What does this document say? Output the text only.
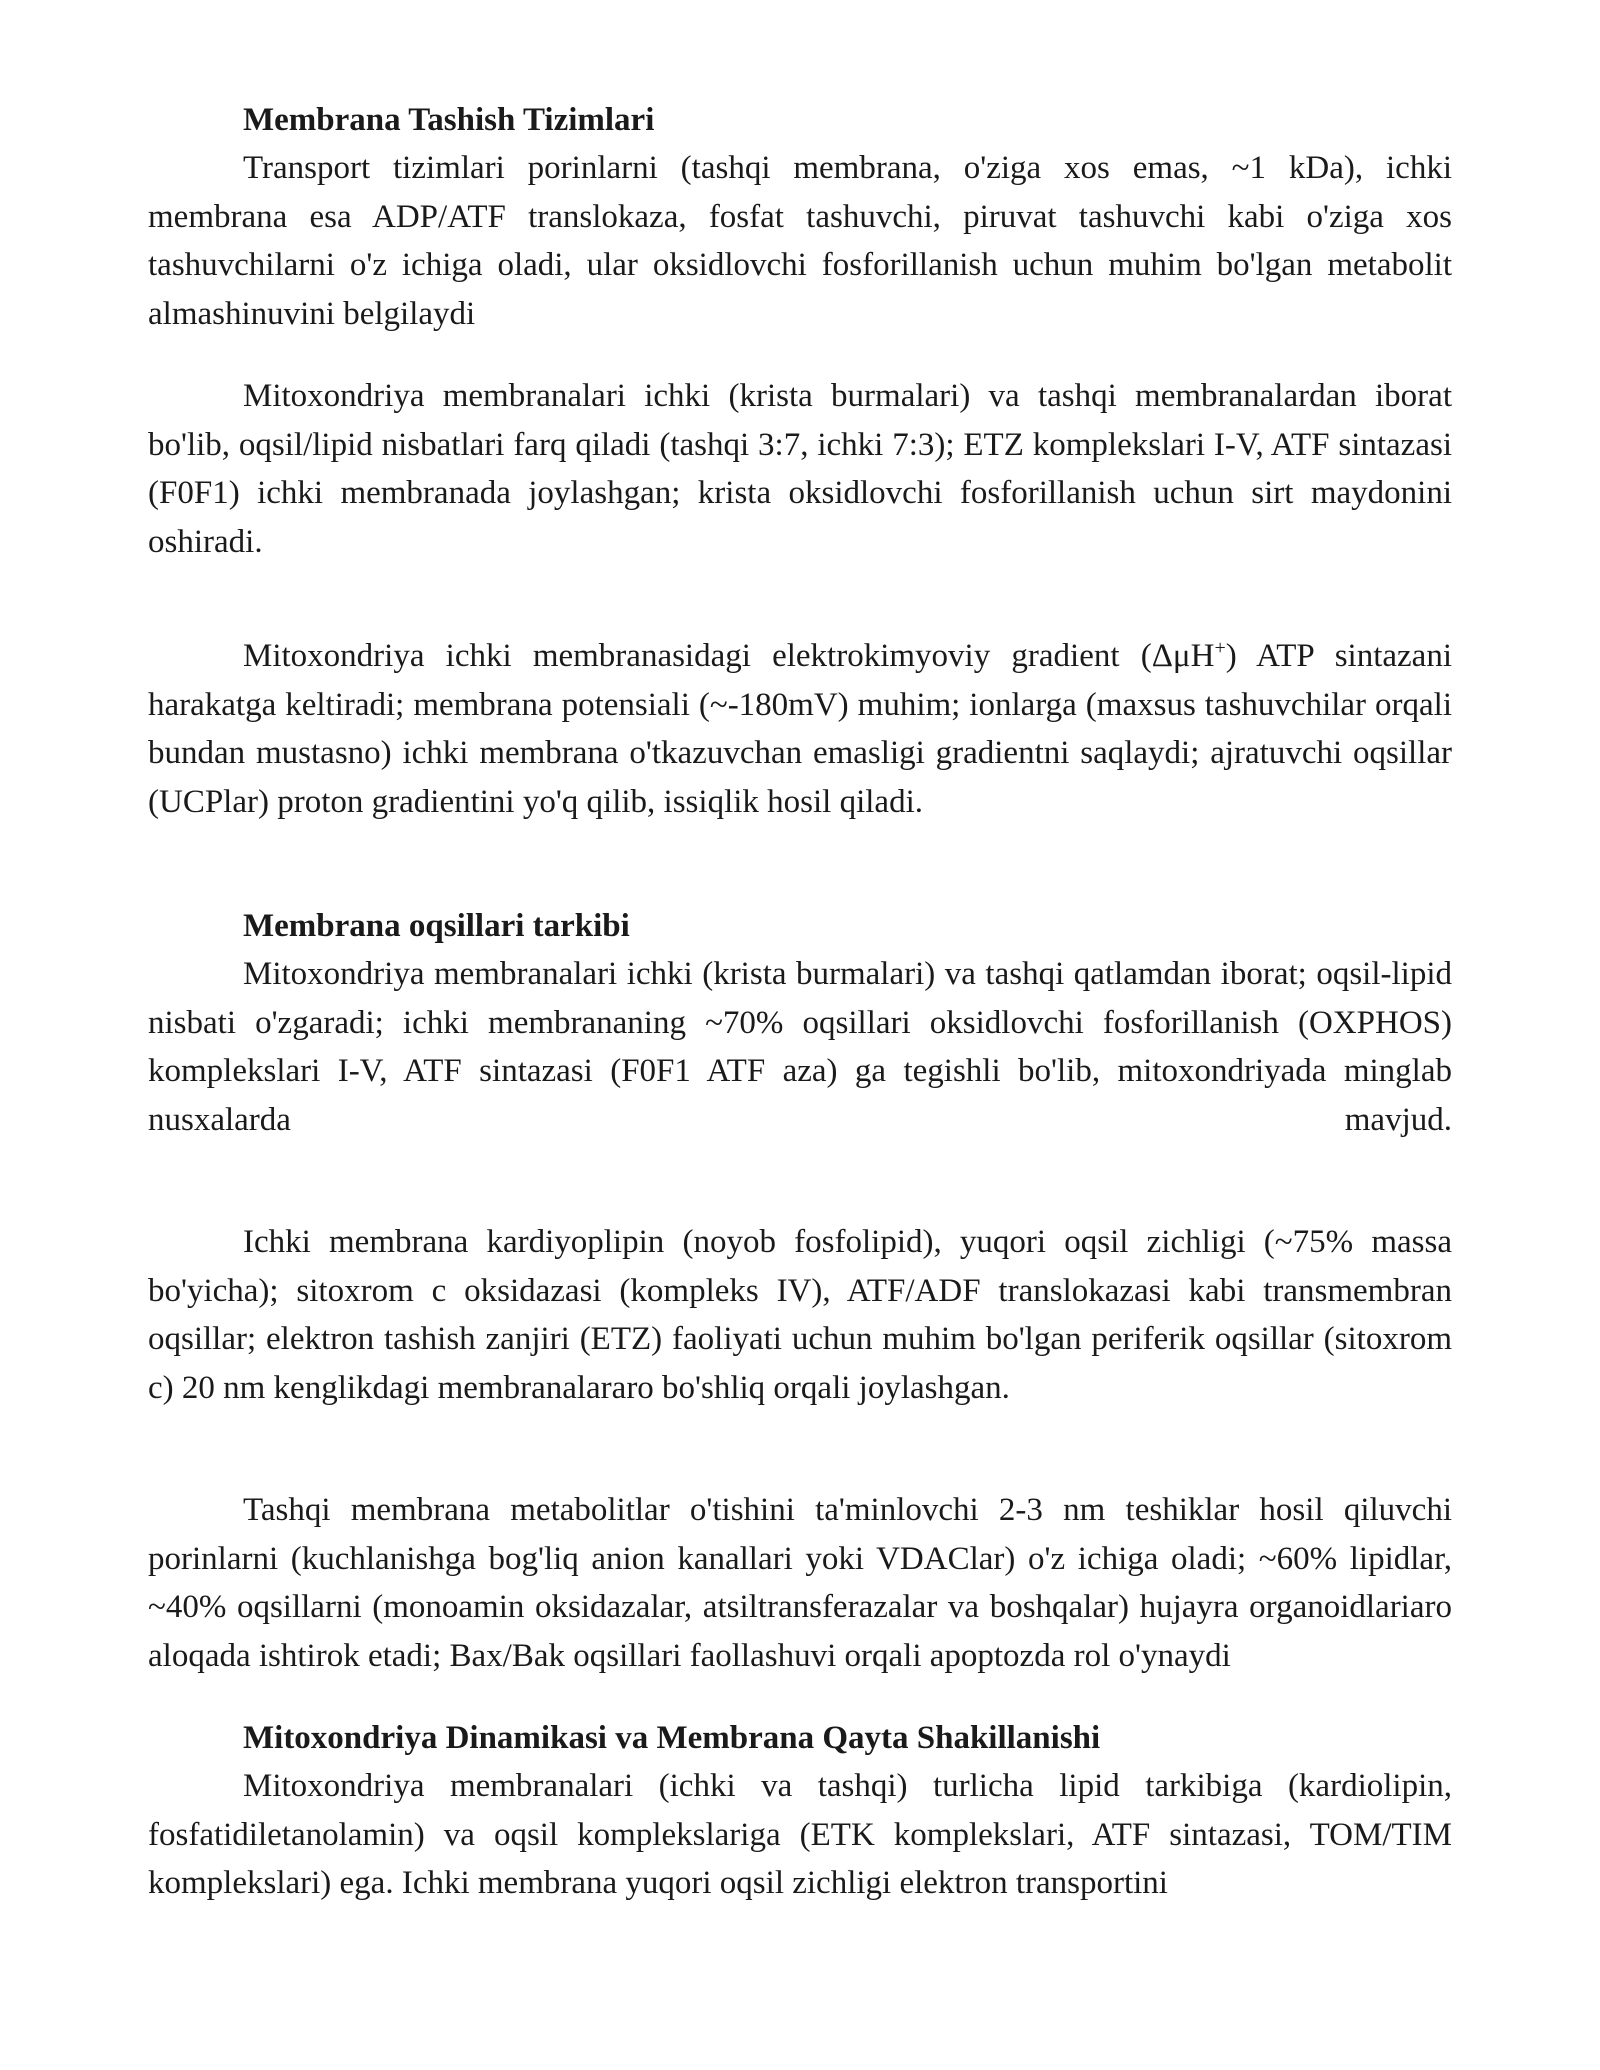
Membrana Tashish Tizimlari

Transport tizimlari porinlarni (tashqi membrana, o'ziga xos emas, ~1 kDa), ichki membrana esa ADP/ATF translokaza, fosfat tashuvchi, piruvat tashuvchi kabi o'ziga xos tashuvchilarni o'z ichiga oladi, ular oksidlovchi fosforillanish uchun muhim bo'lgan metabolit almashinuvini belgilaydi

Mitoxondriya membranalari ichki (krista burmalari) va tashqi membranalardan iborat bo'lib, oqsil/lipid nisbatlari farq qiladi (tashqi 3:7, ichki 7:3); ETZ komplekslari I-V, ATF sintazasi (F0F1) ichki membranada joylashgan; krista oksidlovchi fosforillanish uchun sirt maydonini oshiradi.

Mitoxondriya ichki membranasidagi elektrokimyoviy gradient (ΔμH+) ATP sintazani harakatga keltiradi; membrana potensiali (~-180mV) muhim; ionlarga (maxsus tashuvchilar orqali bundan mustasno) ichki membrana o'tkazuvchan emasligi gradientni saqlaydi; ajratuvchi oqsillar (UCPlar) proton gradientini yo'q qilib, issiqlik hosil qiladi.

Membrana oqsillari tarkibi

Mitoxondriya membranalari ichki (krista burmalari) va tashqi qatlamdan iborat; oqsil-lipid nisbati o'zgaradi; ichki membrananing ~70% oqsillari oksidlovchi fosforillanish (OXPHOS) komplekslari I-V, ATF sintazasi (F0F1 ATF aza) ga tegishli bo'lib, mitoxondriyada minglab nusxalarda mavjud.

Ichki membrana kardiyoplipin (noyob fosfolipid), yuqori oqsil zichligi (~75% massa bo'yicha); sitoxrom c oksidazasi (kompleks IV), ATF/ADF translokazasi kabi transmembran oqsillar; elektron tashish zanjiri (ETZ) faoliyati uchun muhim bo'lgan periferik oqsillar (sitoxrom c) 20 nm kenglikdagi membranalararo bo'shliq orqali joylashgan.

Tashqi membrana metabolitlar o'tishini ta'minlovchi 2-3 nm teshiklar hosil qiluvchi porinlarni (kuchlanishga bog'liq anion kanallari yoki VDAClar) o'z ichiga oladi; ~60% lipidlar, ~40% oqsillarni (monoamin oksidazalar, atsiltransferazalar va boshqalar) hujayra organoidlariaro aloqada ishtirok etadi; Bax/Bak oqsillari faollashuvi orqali apoptozda rol o'ynaydi

Mitoxondriya Dinamikasi va Membrana Qayta Shakillanishi

Mitoxondriya membranalari (ichki va tashqi) turlicha lipid tarkibiga (kardiolipin, fosfatidiletanolamin) va oqsil komplekslariga (ETK komplekslari, ATF sintazasi, TOM/TIM komplekslari) ega. Ichki membrana yuqori oqsil zichligi elektron transportini
